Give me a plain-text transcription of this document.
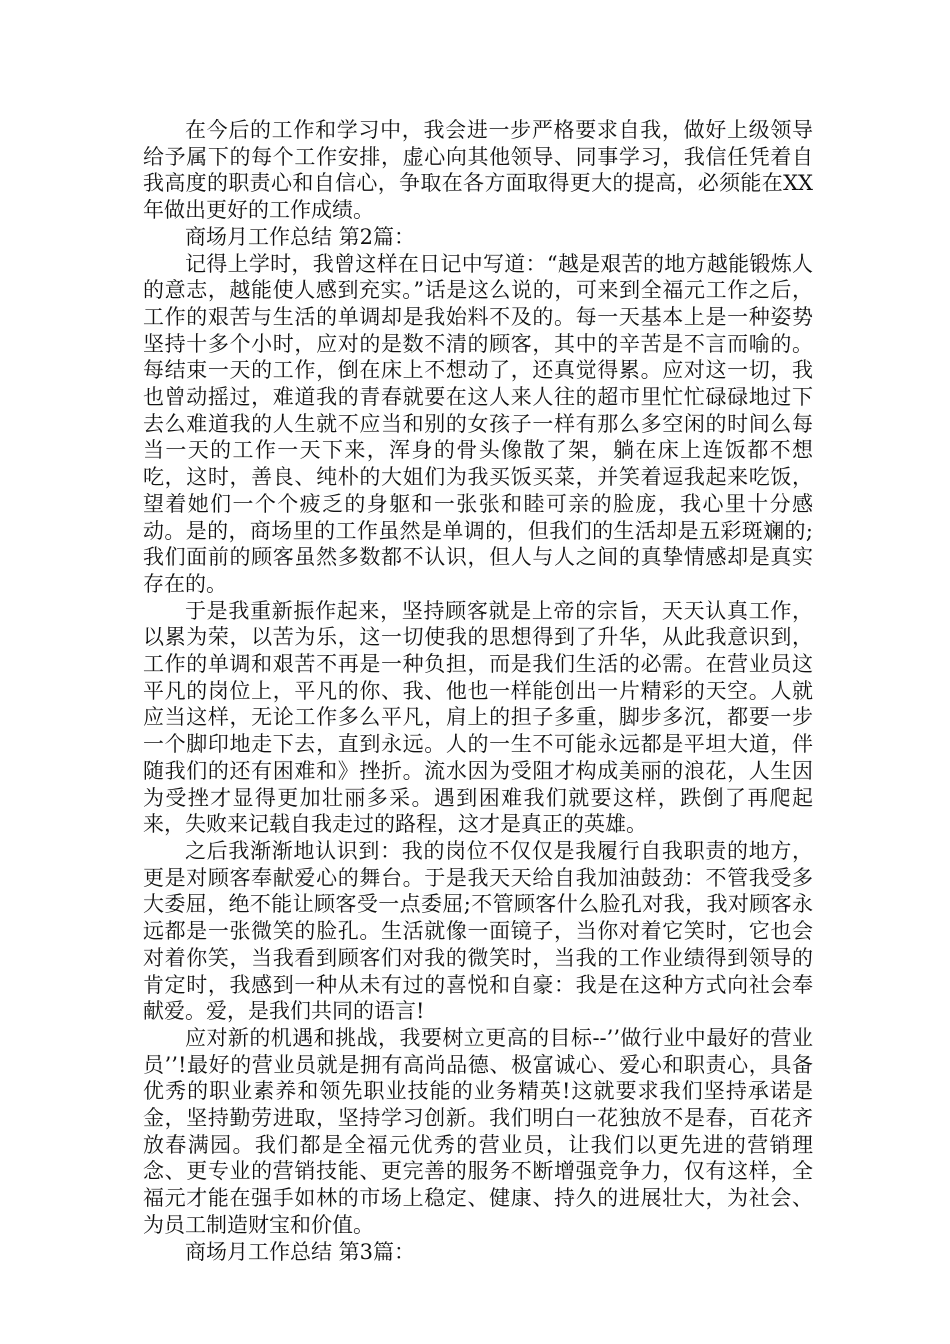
在今后的工作和学习中，我会进一步严格要求自我，做好上级领导给予属下的每个工作安排，虚心向其他领导、同事学习，我信任凭着自我高度的职责心和自信心，争取在各方面取得更大的提高，必须能在XX年做出更好的工作成绩。

商场月工作总结 第2篇：

记得上学时，我曾这样在日记中写道：“越是艰苦的地方越能锻炼人的意志，越能使人感到充实。”话是这么说的，可来到全福元工作之后，工作的艰苦与生活的单调却是我始料不及的。每一天基本上是一种姿势坚持十多个小时，应对的是数不清的顾客，其中的辛苦是不言而喻的。每结束一天的工作，倒在床上不想动了，还真觉得累。应对这一切，我也曾动摇过，难道我的青春就要在这人来人往的超市里忙忙碌碌地过下去么难道我的人生就不应当和别的女孩子一样有那么多空闲的时间么每当一天的工作一天下来，浑身的骨头像散了架，躺在床上连饭都不想吃，这时，善良、纯朴的大姐们为我买饭买菜，并笑着逗我起来吃饭，望着她们一个个疲乏的身躯和一张张和睦可亲的脸庞，我心里十分感动。是的，商场里的工作虽然是单调的，但我们的生活却是五彩斑斓的;我们面前的顾客虽然多数都不认识，但人与人之间的真挚情感却是真实存在的。

于是我重新振作起来，坚持顾客就是上帝的宗旨，天天认真工作，以累为荣，以苦为乐，这一切使我的思想得到了升华，从此我意识到，工作的单调和艰苦不再是一种负担，而是我们生活的必需。在营业员这平凡的岗位上，平凡的你、我、他也一样能创出一片精彩的天空。人就应当这样，无论工作多么平凡，肩上的担子多重，脚步多沉，都要一步一个脚印地走下去，直到永远。人的一生不可能永远都是平坦大道，伴随我们的还有困难和》挫折。流水因为受阻才构成美丽的浪花，人生因为受挫才显得更加壮丽多采。遇到困难我们就要这样，跌倒了再爬起来，失败来记载自我走过的路程，这才是真正的英雄。

之后我渐渐地认识到：我的岗位不仅仅是我履行自我职责的地方，更是对顾客奉献爱心的舞台。于是我天天给自我加油鼓劲：不管我受多大委屈，绝不能让顾客受一点委屈;不管顾客什么脸孔对我，我对顾客永远都是一张微笑的脸孔。生活就像一面镜子，当你对着它笑时，它也会对着你笑，当我看到顾客们对我的微笑时，当我的工作业绩得到领导的肯定时，我感到一种从未有过的喜悦和自豪：我是在这种方式向社会奉献爱。爱，是我们共同的语言!

应对新的机遇和挑战，我要树立更高的目标--’’做行业中最好的营业员’’!最好的营业员就是拥有高尚品德、极富诚心、爱心和职责心，具备优秀的职业素养和领先职业技能的业务精英!这就要求我们坚持承诺是金，坚持勤劳进取，坚持学习创新。我们明白一花独放不是春，百花齐放春满园。我们都是全福元优秀的营业员，让我们以更先进的营销理念、更专业的营销技能、更完善的服务不断增强竞争力，仅有这样，全福元才能在强手如林的市场上稳定、健康、持久的进展壮大，为社会、为员工制造财宝和价值。

商场月工作总结 第3篇：
